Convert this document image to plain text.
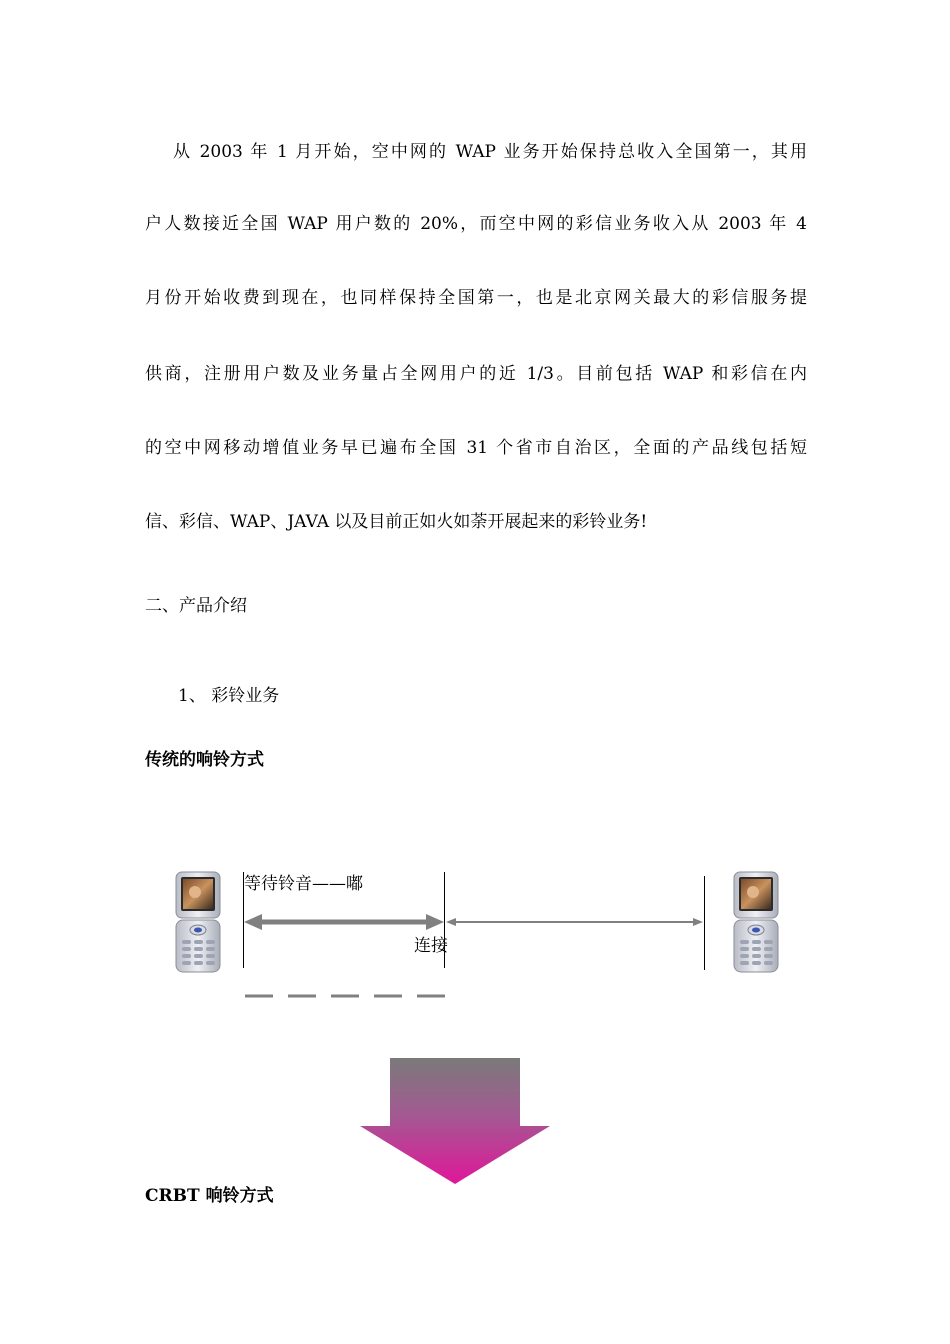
从 2003 年 1 月开始，空中网的 WAP 业务开始保持总收入全国第一，其用
户人数接近全国 WAP 用户数的 20%，而空中网的彩信业务收入从 2003 年 4
月份开始收费到现在，也同样保持全国第一，也是北京网关最大的彩信服务提
供商，注册用户数及业务量占全网用户的近 1/3。目前包括 WAP 和彩信在内
的空中网移动增值业务早已遍布全国 31 个省市自治区，全面的产品线包括短
信、彩信、WAP、JAVA 以及目前正如火如荼开展起来的彩铃业务!
二、产品介绍
1、 彩铃业务
传统的响铃方式
等待铃音——嘟
连接
CRBT 响铃方式
